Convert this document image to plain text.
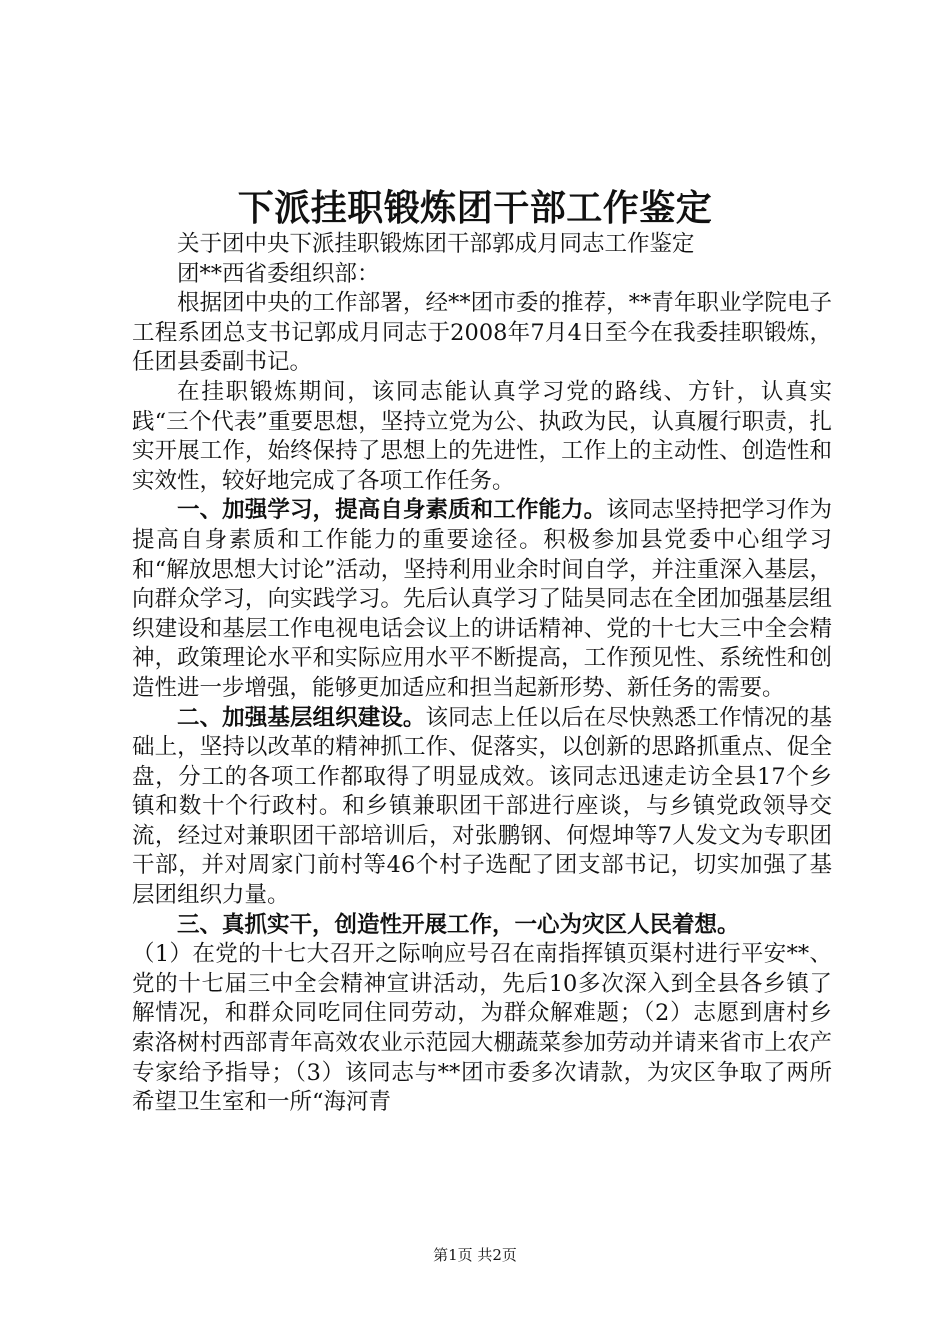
下派挂职锻炼团干部工作鉴定

关于团中央下派挂职锻炼团干部郭成月同志工作鉴定

团**西省委组织部：

根据团中央的工作部署，经**团市委的推荐，**青年职业学院电子工程系团总支书记郭成月同志于2008年7月4日至今在我委挂职锻炼，任团县委副书记。

在挂职锻炼期间，该同志能认真学习党的路线、方针，认真实践“三个代表”重要思想，坚持立党为公、执政为民，认真履行职责，扎实开展工作，始终保持了思想上的先进性，工作上的主动性、创造性和实效性，较好地完成了各项工作任务。

一、加强学习，提高自身素质和工作能力。该同志坚持把学习作为提高自身素质和工作能力的重要途径。积极参加县党委中心组学习和“解放思想大讨论”活动，坚持利用业余时间自学，并注重深入基层，向群众学习，向实践学习。先后认真学习了陆昊同志在全团加强基层组织建设和基层工作电视电话会议上的讲话精神、党的十七大三中全会精神，政策理论水平和实际应用水平不断提高，工作预见性、系统性和创造性进一步增强，能够更加适应和担当起新形势、新任务的需要。

二、加强基层组织建设。该同志上任以后在尽快熟悉工作情况的基础上，坚持以改革的精神抓工作、促落实，以创新的思路抓重点、促全盘，分工的各项工作都取得了明显成效。该同志迅速走访全县17个乡镇和数十个行政村。和乡镇兼职团干部进行座谈，与乡镇党政领导交流，经过对兼职团干部培训后，对张鹏钢、何煜坤等7人发文为专职团干部，并对周家门前村等46个村子选配了团支部书记，切实加强了基层团组织力量。

三、真抓实干，创造性开展工作，一心为灾区人民着想。

（1）在党的十七大召开之际响应号召在南指挥镇页渠村进行平安**、党的十七届三中全会精神宣讲活动，先后10多次深入到全县各乡镇了解情况，和群众同吃同住同劳动，为群众解难题；（2）志愿到唐村乡索洛树村西部青年高效农业示范园大棚蔬菜参加劳动并请来省市上农产专家给予指导；（3）该同志与**团市委多次请款，为灾区争取了两所希望卫生室和一所“海河青

第1页 共2页
